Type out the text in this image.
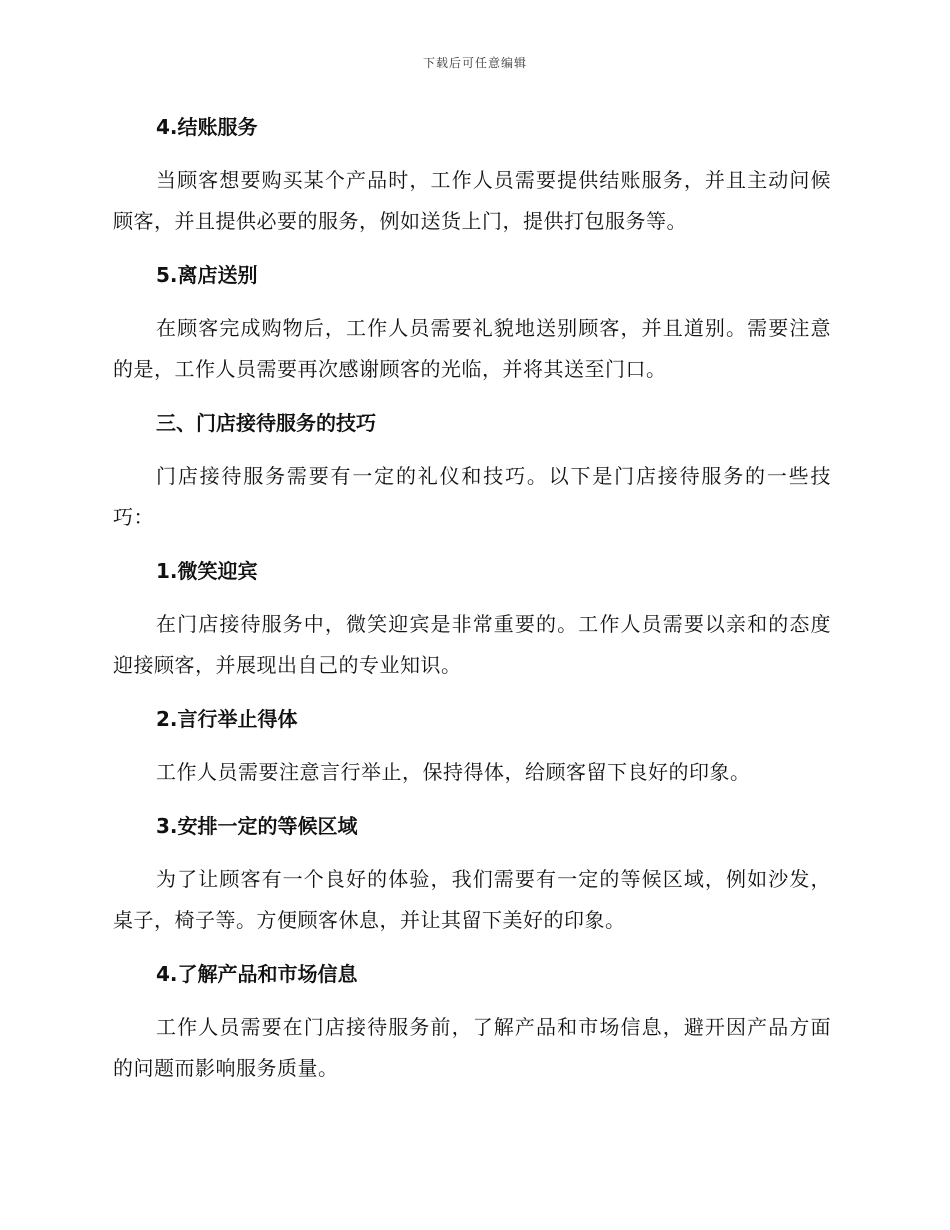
下载后可任意编辑
4.结账服务
当顾客想要购买某个产品时，工作人员需要提供结账服务，并且主动问候顾客，并且提供必要的服务，例如送货上门，提供打包服务等。
5.离店送别
在顾客完成购物后，工作人员需要礼貌地送别顾客，并且道别。需要注意的是，工作人员需要再次感谢顾客的光临，并将其送至门口。
三、门店接待服务的技巧
门店接待服务需要有一定的礼仪和技巧。以下是门店接待服务的一些技巧：
1.微笑迎宾
在门店接待服务中，微笑迎宾是非常重要的。工作人员需要以亲和的态度迎接顾客，并展现出自己的专业知识。
2.言行举止得体
工作人员需要注意言行举止，保持得体，给顾客留下良好的印象。
3.安排一定的等候区域
为了让顾客有一个良好的体验，我们需要有一定的等候区域，例如沙发，桌子，椅子等。方便顾客休息，并让其留下美好的印象。
4.了解产品和市场信息
工作人员需要在门店接待服务前，了解产品和市场信息，避开因产品方面的问题而影响服务质量。
